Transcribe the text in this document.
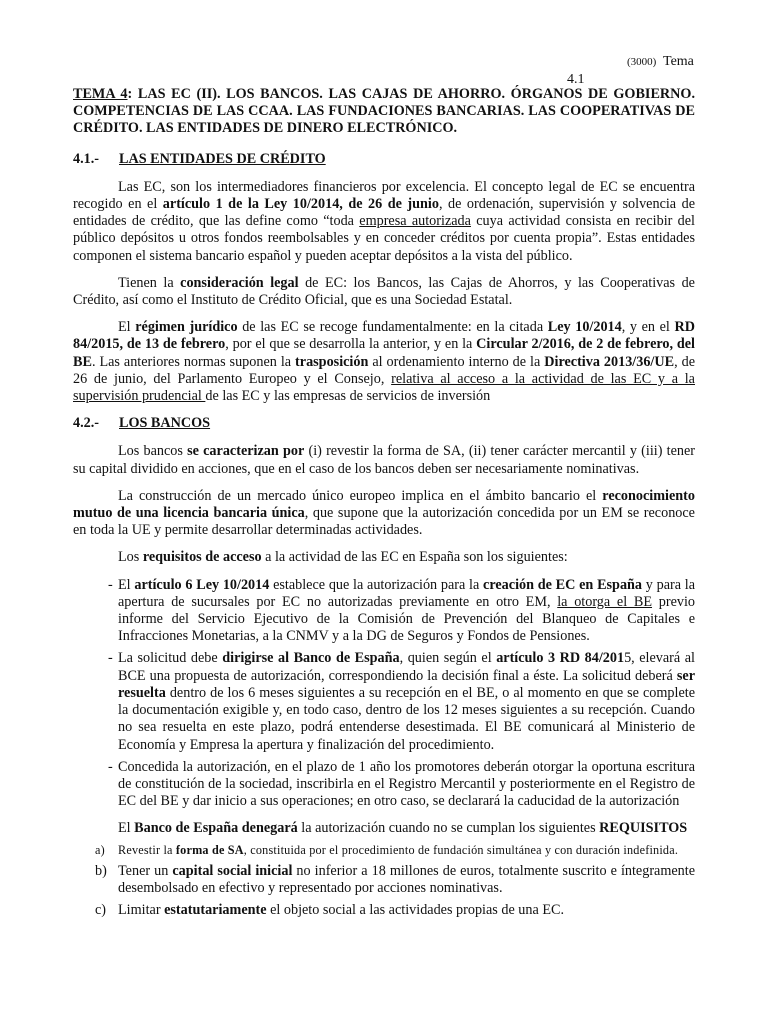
(3000) Tema
4.1
TEMA 4: LAS EC (II). LOS BANCOS. LAS CAJAS DE AHORRO. ÓRGANOS DE GOBIERNO. COMPETENCIAS DE LAS CCAA. LAS FUNDACIONES BANCARIAS. LAS COOPERATIVAS DE CRÉDITO. LAS ENTIDADES DE DINERO ELECTRÓNICO.
4.1.- LAS ENTIDADES DE CRÉDITO

Las EC, son los intermediadores financieros por excelencia. El concepto legal de EC se encuentra recogido en el artículo 1 de la Ley 10/2014, de 26 de junio, de ordenación, supervisión y solvencia de entidades de crédito, que las define como “toda empresa autorizada cuya actividad consista en recibir del público depósitos u otros fondos reembolsables y en conceder créditos por cuenta propia”. Estas entidades componen el sistema bancario español y pueden aceptar depósitos a la vista del público.

Tienen la consideración legal de EC: los Bancos, las Cajas de Ahorros, y las Cooperativas de Crédito, así como el Instituto de Crédito Oficial, que es una Sociedad Estatal.

El régimen jurídico de las EC se recoge fundamentalmente: en la citada Ley 10/2014, y en el RD 84/2015, de 13 de febrero, por el que se desarrolla la anterior, y en la Circular 2/2016, de 2 de febrero, del BE. Las anteriores normas suponen la trasposición al ordenamiento interno de la Directiva 2013/36/UE, de 26 de junio, del Parlamento Europeo y el Consejo, relativa al acceso a la actividad de las EC y a la supervisión prudencial de las EC y las empresas de servicios de inversión

4.2.- LOS BANCOS

Los bancos se caracterizan por (i) revestir la forma de SA, (ii) tener carácter mercantil y (iii) tener su capital dividido en acciones, que en el caso de los bancos deben ser necesariamente nominativas.

La construcción de un mercado único europeo implica en el ámbito bancario el reconocimiento mutuo de una licencia bancaria única, que supone que la autorización concedida por un EM se reconoce en toda la UE y permite desarrollar determinadas actividades.

Los requisitos de acceso a la actividad de las EC en España son los siguientes:

- El artículo 6 Ley 10/2014 establece que la autorización para la creación de EC en España y para la apertura de sucursales por EC no autorizadas previamente en otro EM, la otorga el BE previo informe del Servicio Ejecutivo de la Comisión de Prevención del Blanqueo de Capitales e Infracciones Monetarias, a la CNMV y a la DG de Seguros y Fondos de Pensiones.
- La solicitud debe dirigirse al Banco de España, quien según el artículo 3 RD 84/2015, elevará al BCE una propuesta de autorización, correspondiendo la decisión final a éste. La solicitud deberá ser resuelta dentro de los 6 meses siguientes a su recepción en el BE, o al momento en que se complete la documentación exigible y, en todo caso, dentro de los 12 meses siguientes a su recepción. Cuando no sea resuelta en este plazo, podrá entenderse desestimada. El BE comunicará al Ministerio de Economía y Empresa la apertura y finalización del procedimiento.
- Concedida la autorización, en el plazo de 1 año los promotores deberán otorgar la oportuna escritura de constitución de la sociedad, inscribirla en el Registro Mercantil y posteriormente en el Registro de EC del BE y dar inicio a sus operaciones; en otro caso, se declarará la caducidad de la autorización

El Banco de España denegará la autorización cuando no se cumplan los siguientes REQUISITOS

a) Revestir la forma de SA, constituida por el procedimiento de fundación simultánea y con duración indefinida.
b) Tener un capital social inicial no inferior a 18 millones de euros, totalmente suscrito e íntegramente desembolsado en efectivo y representado por acciones nominativas.
c) Limitar estatutariamente el objeto social a las actividades propias de una EC.
